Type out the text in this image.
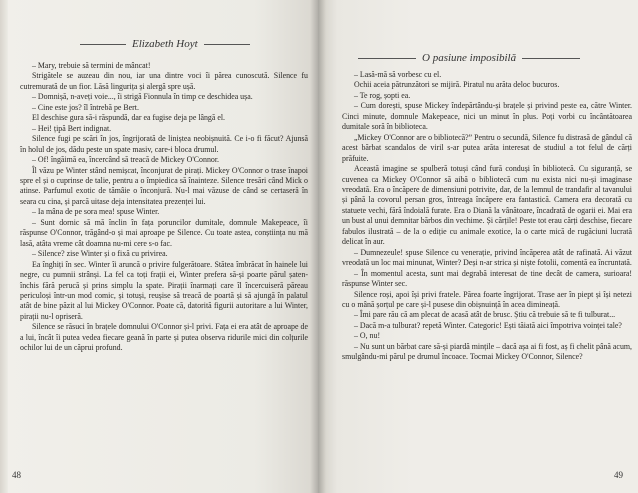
Elizabeth Hoyt

– Mary, trebuie să termini de mâncat!

Strigătele se auzeau din nou, iar una dintre voci îi părea cunoscută. Silence fu cutremurată de un fior. Lăsă lingurița și alergă spre ușă.

– Domnișă, n-aveți voie..., îi strigă Fionnula în timp ce deschidea ușa.

– Cine este jos? îl întrebă pe Bert.

El deschise gura să-i răspundă, dar ea fugise deja pe lângă el.

– Hei! țipă Bert indignat.

Silence fugi pe scări în jos, îngrijorată de liniștea neobișnuită. Ce i-o fi făcut? Ajunsă în holul de jos, dădu peste un spate masiv, care-i bloca drumul.

– Of! îngăimă ea, încercând să treacă de Mickey O'Connor.

Îl văzu pe Winter stând nemișcat, înconjurat de pirați. Mickey O'Connor o trase înapoi spre el și o cuprinse de talie, pentru a o împiedica să înainteze. Silence tresări când Mick o atinse. Parfumul exotic de tămâie o înconjură. Nu-l mai văzuse de când se certaseră în seara cu cina, și parcă uitase deja intensitatea prezenței lui.

– Ia mâna de pe sora mea! spuse Winter.

– Sunt dornic să mă înclin în fața poruncilor dumitale, domnule Makepeace, îi răspunse O'Connor, trăgând-o și mai aproape pe Silence. Cu toate astea, conștiința nu mă lasă, atâta vreme cât doamna nu-mi cere s-o fac.

– Silence? zise Winter și o fixă cu privirea.

Ea înghiți în sec. Winter îi aruncă o privire fulgerătoare. Stătea îmbrăcat în hainele lui negre, cu pumnii strânși. La fel ca toți frații ei, Winter prefera să-și poarte părul șaten-închis fără perucă și prins simplu la spate. Pirații înarmați care îl încercuiseră păreau periculoși într-un mod comic, și totuși, reușise să treacă de poartă și să ajungă în palatul atât de bine păzit al lui Mickey O'Connor. Poate că, datorită figurii autoritare a lui Winter, pirații nu-l opriseră.

Silence se răsuci în brațele domnului O'Connor și-l privi. Fața ei era atât de aproape de a lui, încât îi putea vedea fiecare geană în parte și putea observa ridurile mici din colțurile ochilor lui de un căprui profund.

48
O pasiune imposibilă

– Lasă-mă să vorbesc cu el.

Ochii aceia pătrunzători se mijiră. Piratul nu arăta deloc bucuros.

– Te rog, șopti ea.

– Cum dorești, spuse Mickey îndepărtându-și brațele și privind peste ea, către Winter. Cinci minute, domnule Makepeace, nici un minut în plus. Poți vorbi cu încântătoarea dumitale soră în biblioteca.

„Mickey O'Connor are o bibliotecă?” Pentru o secundă, Silence fu distrasă de gândul că acest bărbat scandalos de viril s-ar putea arăta interesat de studiul a tot felul de cărți prăfuite.

Această imagine se spulberă totuși când fură conduși în bibliotecă. Cu siguranță, se cuvenea ca Mickey O'Connor să aibă o bibliotecă cum nu exista nici nu-și imaginase vreodată. Era o încăpere de dimensiuni potrivite, dar, de la lemnul de trandafir al tavanului și până la covorul persan gros, întreaga încăpere era fantastică. Camera era decorată cu statuete vechi, fără îndoială furate. Era o Diană la vânătoare, încadrată de ogarii ei. Mai era un bust al unui demnitar bărbos din vechime. Și cărțile! Peste tot erau cărți deschise, fiecare fabulos ilustrată – de la o ediție cu animale exotice, la o carte mică de rugăciuni lucrată delicat în aur.

– Dumnezeule! spuse Silence cu venerație, privind încăperea atât de rafinată. Ai văzut vreodată un loc mai minunat, Winter? Deși n-ar strica și niște fotolii, comentă ea încruntată.

– În momentul acesta, sunt mai degrabă interesat de tine decât de camera, surioara! răspunse Winter sec.

Silence roși, apoi își privi fratele. Părea foarte îngrijorat. Trase aer în piept și își netezi cu o mână șorțul pe care și-l pusese din obișnuință în acea dimineață.

– Îmi pare rău că am plecat de acasă atât de brusc. Știu că trebuie să te fi tulburat...

– Dacă m-a tulburat? repetă Winter. Categoric! Ești tăiată aici împotriva voinței tale?

– O, nu!

– Nu sunt un bărbat care să-și piardă mințile – dacă așa ai fi fost, aș fi chelit până acum, smulgându-mi părul pe drumul încoace. Tocmai Mickey O'Connor, Silence?

49
